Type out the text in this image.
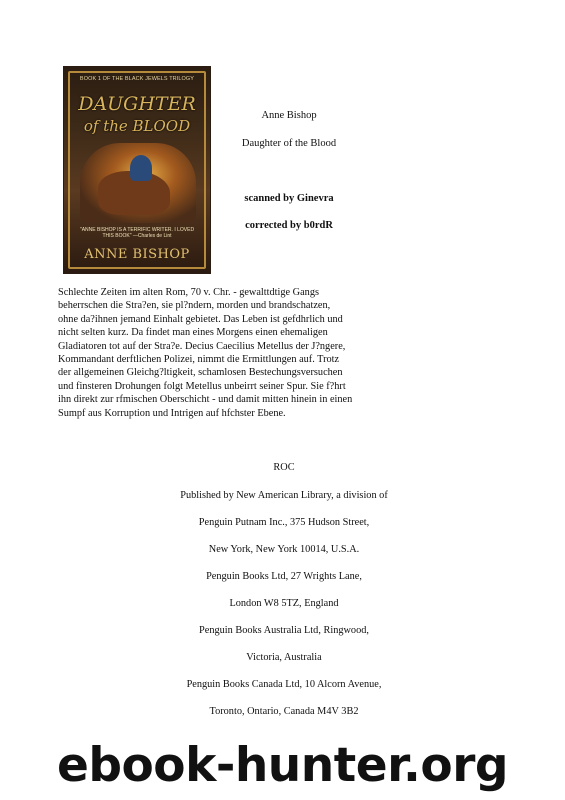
BOOK 1 OF THE BLACK JEWELS TRILOGY
DAUGHTER
of the BLOOD
"ANNE BISHOP IS A TERRIFIC WRITER. I LOVED THIS BOOK" —Charles de Lint
ANNE BISHOP
Anne Bishop
Daughter of the Blood
scanned by Ginevra
corrected by b0rdR

Schlechte Zeiten im alten Rom, 70 v. Chr. - gewalttdtige Gangs
beherrschen die Stra?en, sie pl?ndern, morden und brandschatzen,
ohne da?ihnen jemand Einhalt gebietet. Das Leben ist gefdhrlich und
nicht selten kurz. Da findet man eines Morgens einen ehemaligen
Gladiatoren tot auf der Stra?e. Decius Caecilius Metellus der J?ngere,
Kommandant derftlichen Polizei, nimmt die Ermittlungen auf. Trotz
der allgemeinen Gleichg?ltigkeit, schamlosen Bestechungsversuchen
und finsteren Drohungen folgt Metellus unbeirrt seiner Spur. Sie f?hrt
ihn direkt zur rfmischen Oberschicht - und damit mitten hinein in einen
Sumpf aus Korruption und Intrigen auf hfchster Ebene.

ROC
Published by New American Library, a division of
Penguin Putnam Inc., 375 Hudson Street,
New York, New York 10014, U.S.A.
Penguin Books Ltd, 27 Wrights Lane,
London W8 5TZ, England
Penguin Books Australia Ltd, Ringwood,
Victoria, Australia
Penguin Books Canada Ltd, 10 Alcorn Avenue,
Toronto, Ontario, Canada M4V 3B2
ebook-hunter.org
